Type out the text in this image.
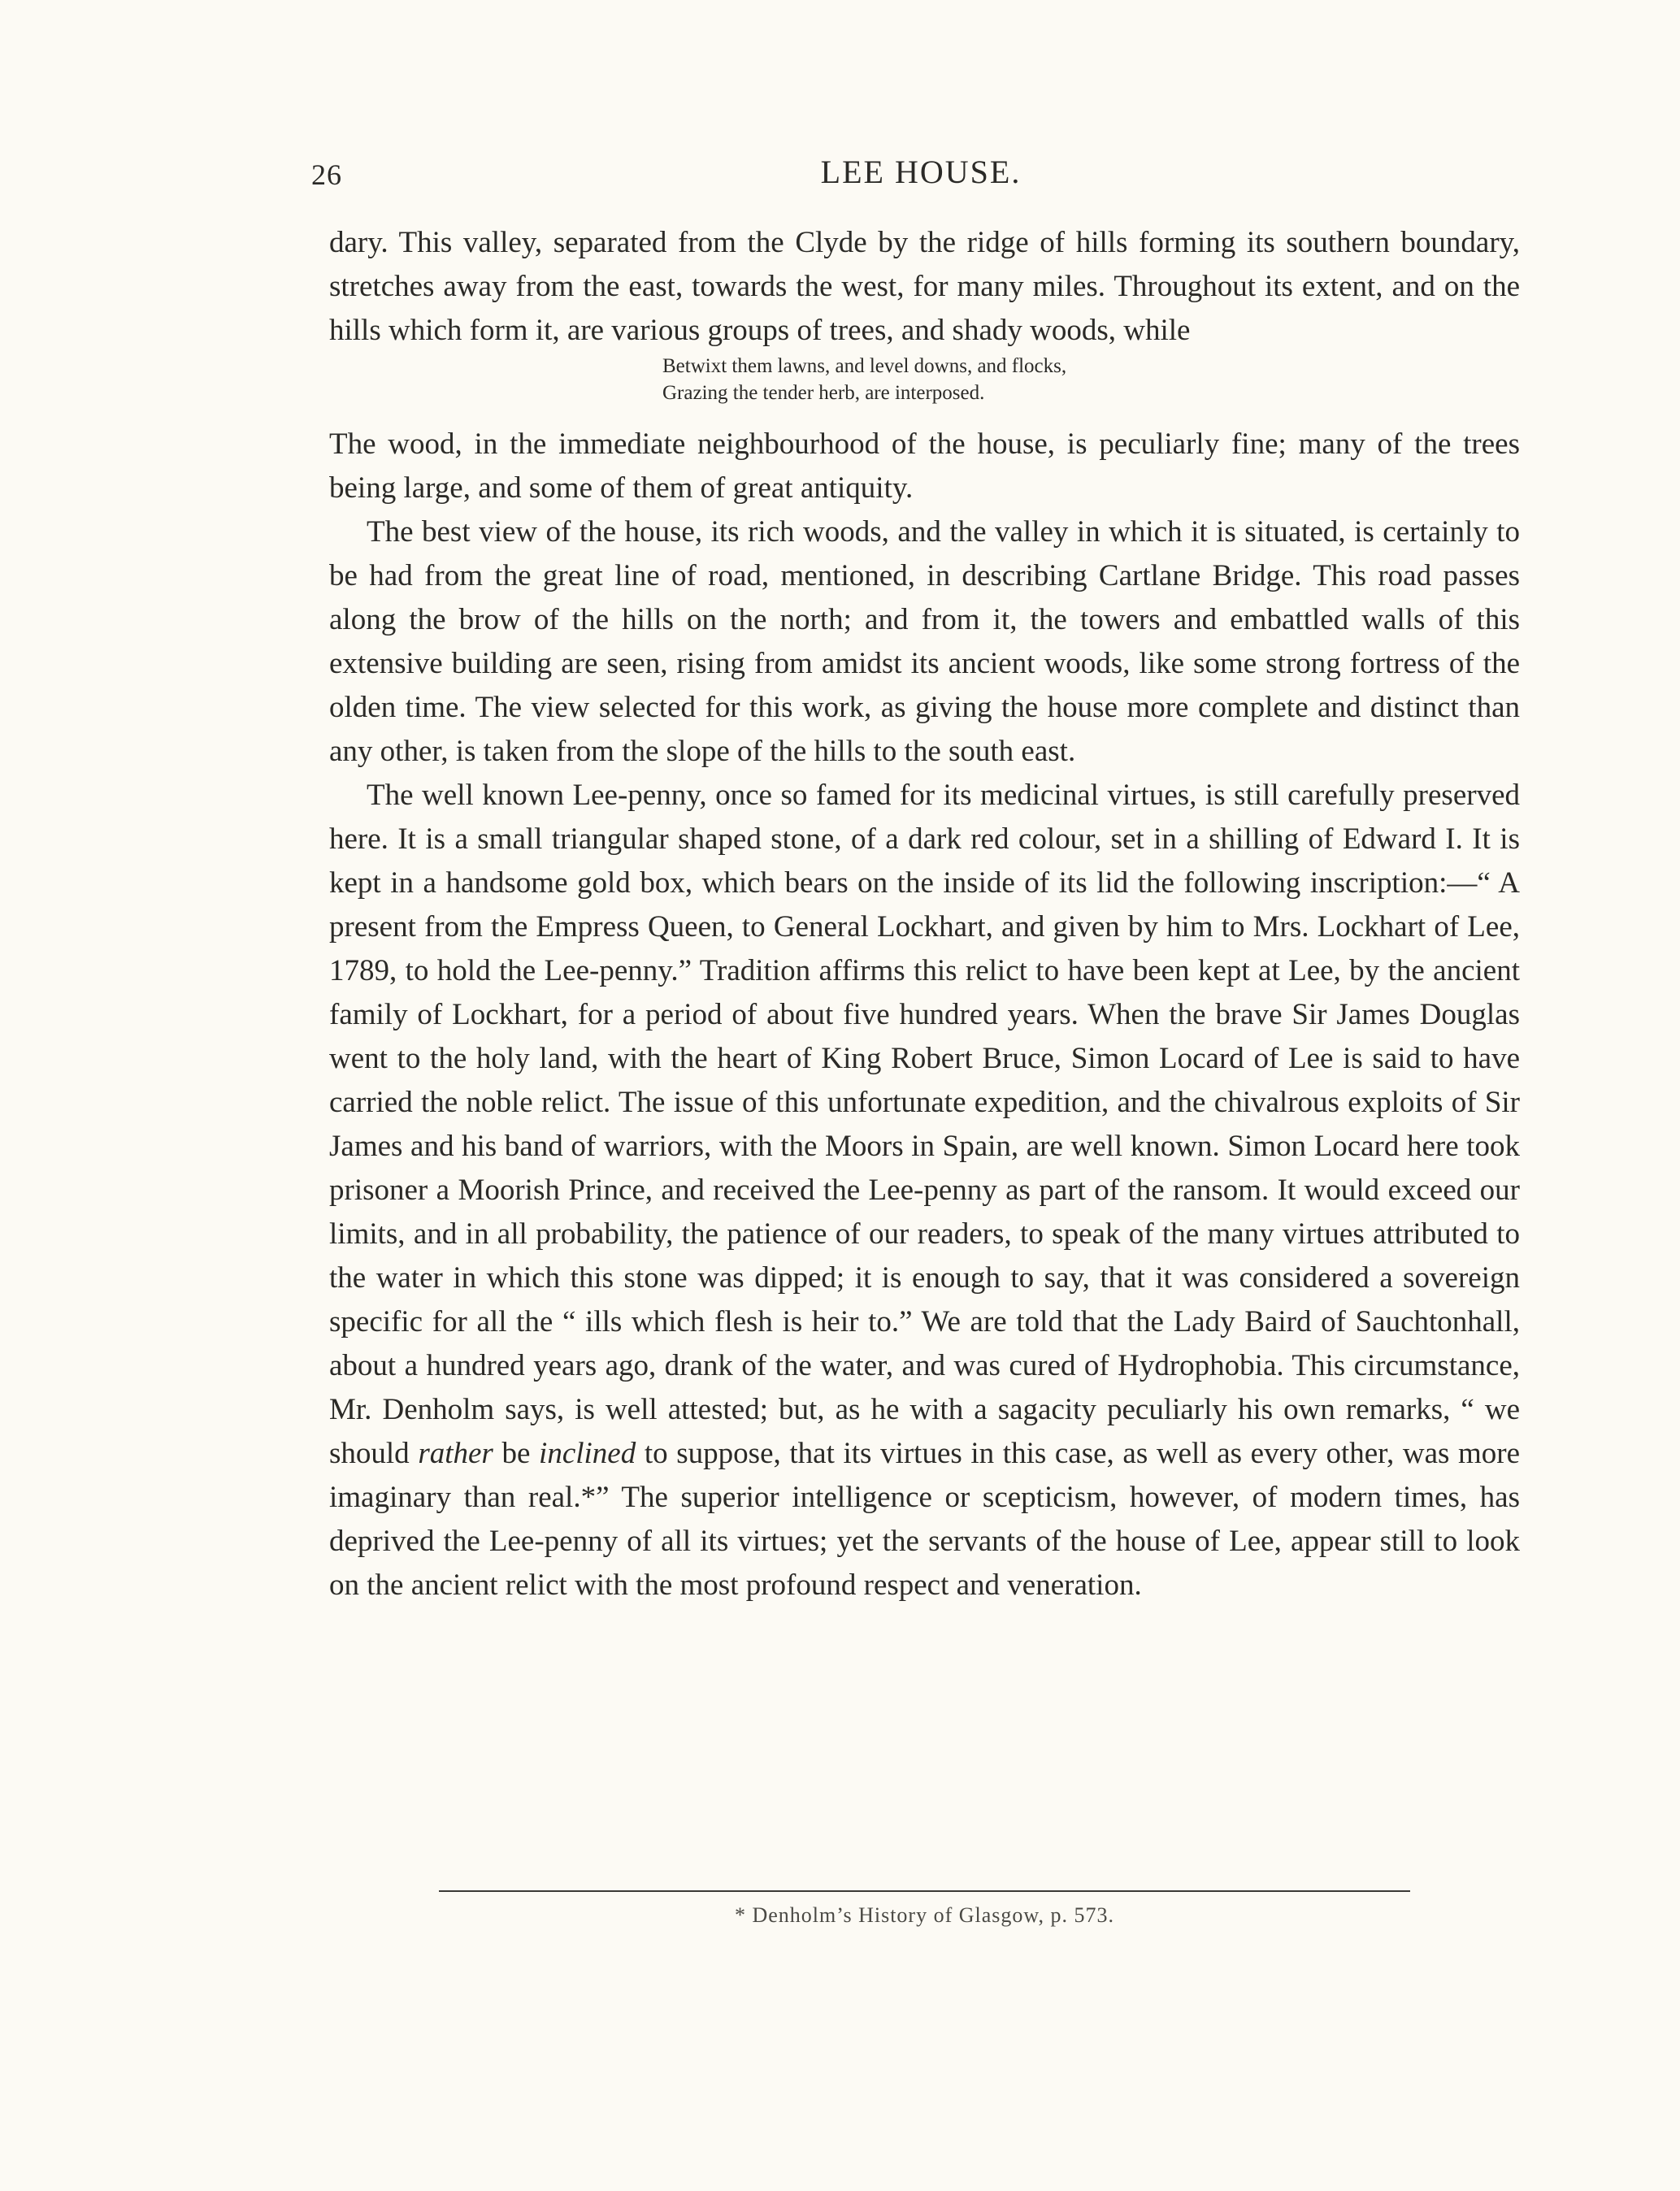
26	LEE HOUSE.

dary. This valley, separated from the Clyde by the ridge of hills forming its southern boundary, stretches away from the east, towards the west, for many miles. Throughout its extent, and on the hills which form it, are various groups of trees, and shady woods, while

Betwixt them lawns, and level downs, and flocks,
Grazing the tender herb, are interposed.

The wood, in the immediate neighbourhood of the house, is peculiarly fine; many of the trees being large, and some of them of great antiquity.

The best view of the house, its rich woods, and the valley in which it is situated, is certainly to be had from the great line of road, mentioned, in describing Cartlane Bridge. This road passes along the brow of the hills on the north; and from it, the towers and embattled walls of this extensive building are seen, rising from amidst its ancient woods, like some strong fortress of the olden time. The view selected for this work, as giving the house more complete and distinct than any other, is taken from the slope of the hills to the south east.

The well known Lee-penny, once so famed for its medicinal virtues, is still carefully preserved here. It is a small triangular shaped stone, of a dark red colour, set in a shilling of Edward I. It is kept in a handsome gold box, which bears on the inside of its lid the following inscription:—“ A present from the Empress Queen, to General Lockhart, and given by him to Mrs. Lockhart of Lee, 1789, to hold the Lee-penny.” Tradition affirms this relict to have been kept at Lee, by the ancient family of Lockhart, for a period of about five hundred years. When the brave Sir James Douglas went to the holy land, with the heart of King Robert Bruce, Simon Locard of Lee is said to have carried the noble relict. The issue of this unfortunate expedition, and the chivalrous exploits of Sir James and his band of warriors, with the Moors in Spain, are well known. Simon Locard here took prisoner a Moorish Prince, and received the Lee-penny as part of the ransom. It would exceed our limits, and in all probability, the patience of our readers, to speak of the many virtues attributed to the water in which this stone was dipped; it is enough to say, that it was considered a sovereign specific for all the “ ills which flesh is heir to.” We are told that the Lady Baird of Sauchtonhall, about a hundred years ago, drank of the water, and was cured of Hydrophobia. This circumstance, Mr. Denholm says, is well attested; but, as he with a sagacity peculiarly his own remarks, “ we should rather be inclined to suppose, that its virtues in this case, as well as every other, was more imaginary than real.*” The superior intelligence or scepticism, however, of modern times, has deprived the Lee-penny of all its virtues; yet the servants of the house of Lee, appear still to look on the ancient relict with the most profound respect and veneration.

* Denholm’s History of Glasgow, p. 573.
